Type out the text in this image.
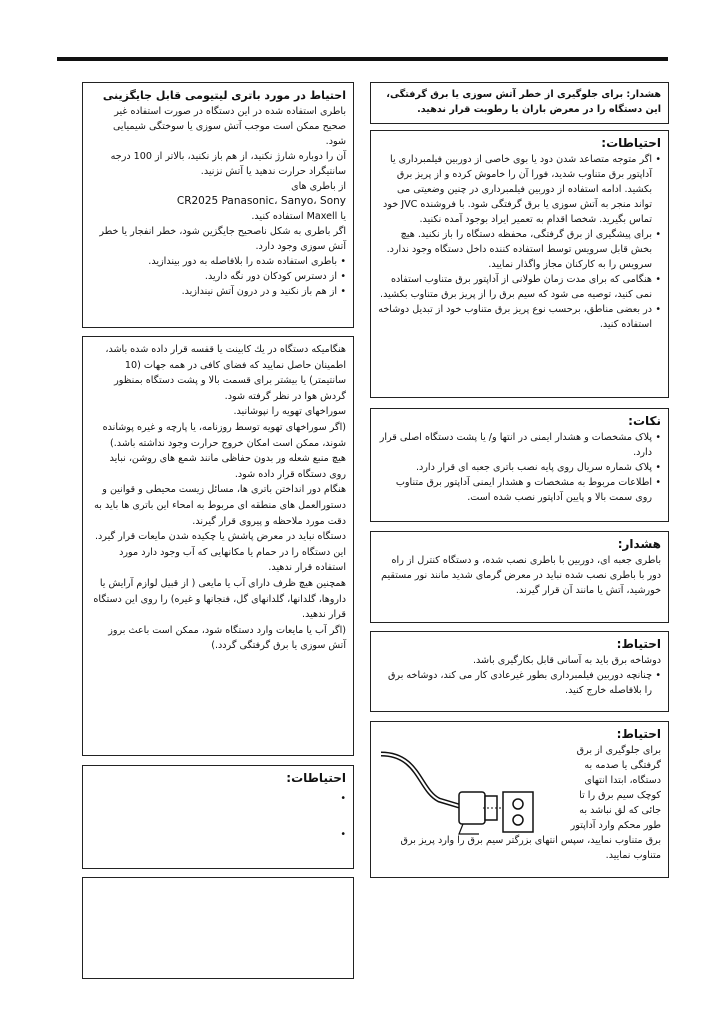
هشدار: برای جلوگیری از خطر آتش سوزی یا برق گرفتگی، این دستگاه را در معرض باران یا رطوبت قرار ندهید.

احتیاطات:

• اگر متوجه متصاعد شدن دود یا بوی خاصی از دوربین فیلمبرداری یا آداپتور برق متناوب شدید، فورا آن را خاموش کرده و از پریز برق بکشید. ادامه استفاده از دوربین فیلمبرداری در چنین وضعیتی می تواند منجر به آتش سوزی یا برق گرفتگی شود. با فروشنده JVC خود تماس بگیرید. شخصا اقدام به تعمیر ایراد بوجود آمده نکنید.
• برای پیشگیری از برق گرفتگی، محفظه دستگاه را باز نکنید. هیچ بخش قابل سرویس توسط استفاده کننده داخل دستگاه وجود ندارد. سرویس را به کارکنان مجاز واگذار نمایید.
• هنگامی که برای مدت زمان طولانی از آداپتور برق متناوب استفاده نمی کنید، توصیه می شود که سیم برق را از پریز برق متناوب بکشید.
• در بعضی مناطق، برحسب نوع پریز برق متناوب خود از تبدیل دوشاخه استفاده کنید.

نکات:

• پلاک مشخصات و هشدار ایمنی در انتها و/ یا پشت دستگاه اصلی قرار دارد.
• پلاک شماره سریال روی پایه نصب باتری جعبه ای قرار دارد.
• اطلاعات مربوط به مشخصات و هشدار ایمنی آداپتور برق متناوب روی سمت بالا و پایین آداپتور نصب شده است.

هشدار:

باطری جعبه ای، دوربین با باطری نصب شده، و دستگاه کنترل از راه دور با باطری نصب شده نباید در معرض گرمای شدید مانند نور مستقیم خورشید، آتش یا مانند آن قرار گیرند.

احتیاط:

دوشاخه برق باید به آسانی قابل بکارگیری باشد.

• چنانچه دوربین فیلمبرداری بطور غیرعادی کار می کند، دوشاخه برق را بلافاصله خارج کنید.

احتیاط:

برای جلوگیری از برق

گرفتگی یا صدمه به

دستگاه، ابتدا انتهای

کوچک سیم برق را تا

جائی که لق نباشد به

طور محکم وارد آداپتور

برق متناوب نمایید، سپس انتهای بزرگتر سیم برق را وارد پریز برق متناوب نمایید.

احتیاط در مورد باتری لیتیومی قابل جایگزینی

باطری استفاده شده در این دستگاه در صورت استفاده غیر صحیح ممکن است موجب آتش سوزی یا سوختگی شیمیایی شود.

آن را دوباره شارژ نکنید، از هم باز نکنید، بالاتر از 100 درجه سانتیگراد حرارت ندهید یا آتش نزنید.

از باطری های

CR2025 Panasonic، Sanyo، Sony

یا Maxell استفاده کنید.

اگر باطری به شکل ناصحیح جایگزین شود، خطر انفجار یا خطر آتش سوزی وجود دارد.

• باطری استفاده شده را بلافاصله به دور بیندازید.
• از دسترس کودکان دور نگه دارید.
• از هم باز نکنید و در درون آتش نیندازید.

هنگامیکه دستگاه در یك کابینت یا قفسه قرار داده شده باشد، اطمینان حاصل نمایید که فضای کافی در همه جهات (10 سانتیمتر) یا بیشتر برای قسمت بالا و پشت دستگاه بمنظور گردش هوا در نظر گرفته شود.

سوراخهای تهویه را نپوشانید.

(اگر سوراخهای تهویه توسط روزنامه، یا پارچه و غیره پوشانده شوند، ممکن است امکان خروج حرارت وجود نداشته باشد.)

هیچ منبع شعله ور بدون حفاظی مانند شمع های روشن، نباید روی دستگاه قرار داده شود.

هنگام دور انداختن باتری ها، مسائل زیست محیطی و قوانین و دستورالعمل های منطقه ای مربوط به امحاء این باتری ها باید به دقت مورد ملاحظه و پیروی قرار گیرند.

دستگاه نباید در معرض پاشش یا چکیده شدن مایعات قرار گیرد.

این دستگاه را در حمام یا مکانهایی که آب وجود دارد مورد استفاده قرار ندهید.

همچنین هیچ ظرف دارای آب یا مایعی ( از قبیل لوازم آرایش یا داروها، گلدانها، گلدانهای گل، فنجانها و غیره) را روی این دستگاه قرار ندهید.

(اگر آب یا مایعات وارد دستگاه شود، ممکن است باعث بروز آتش سوزی یا برق گرفتگی گردد.)

احتیاطات:

•
•
